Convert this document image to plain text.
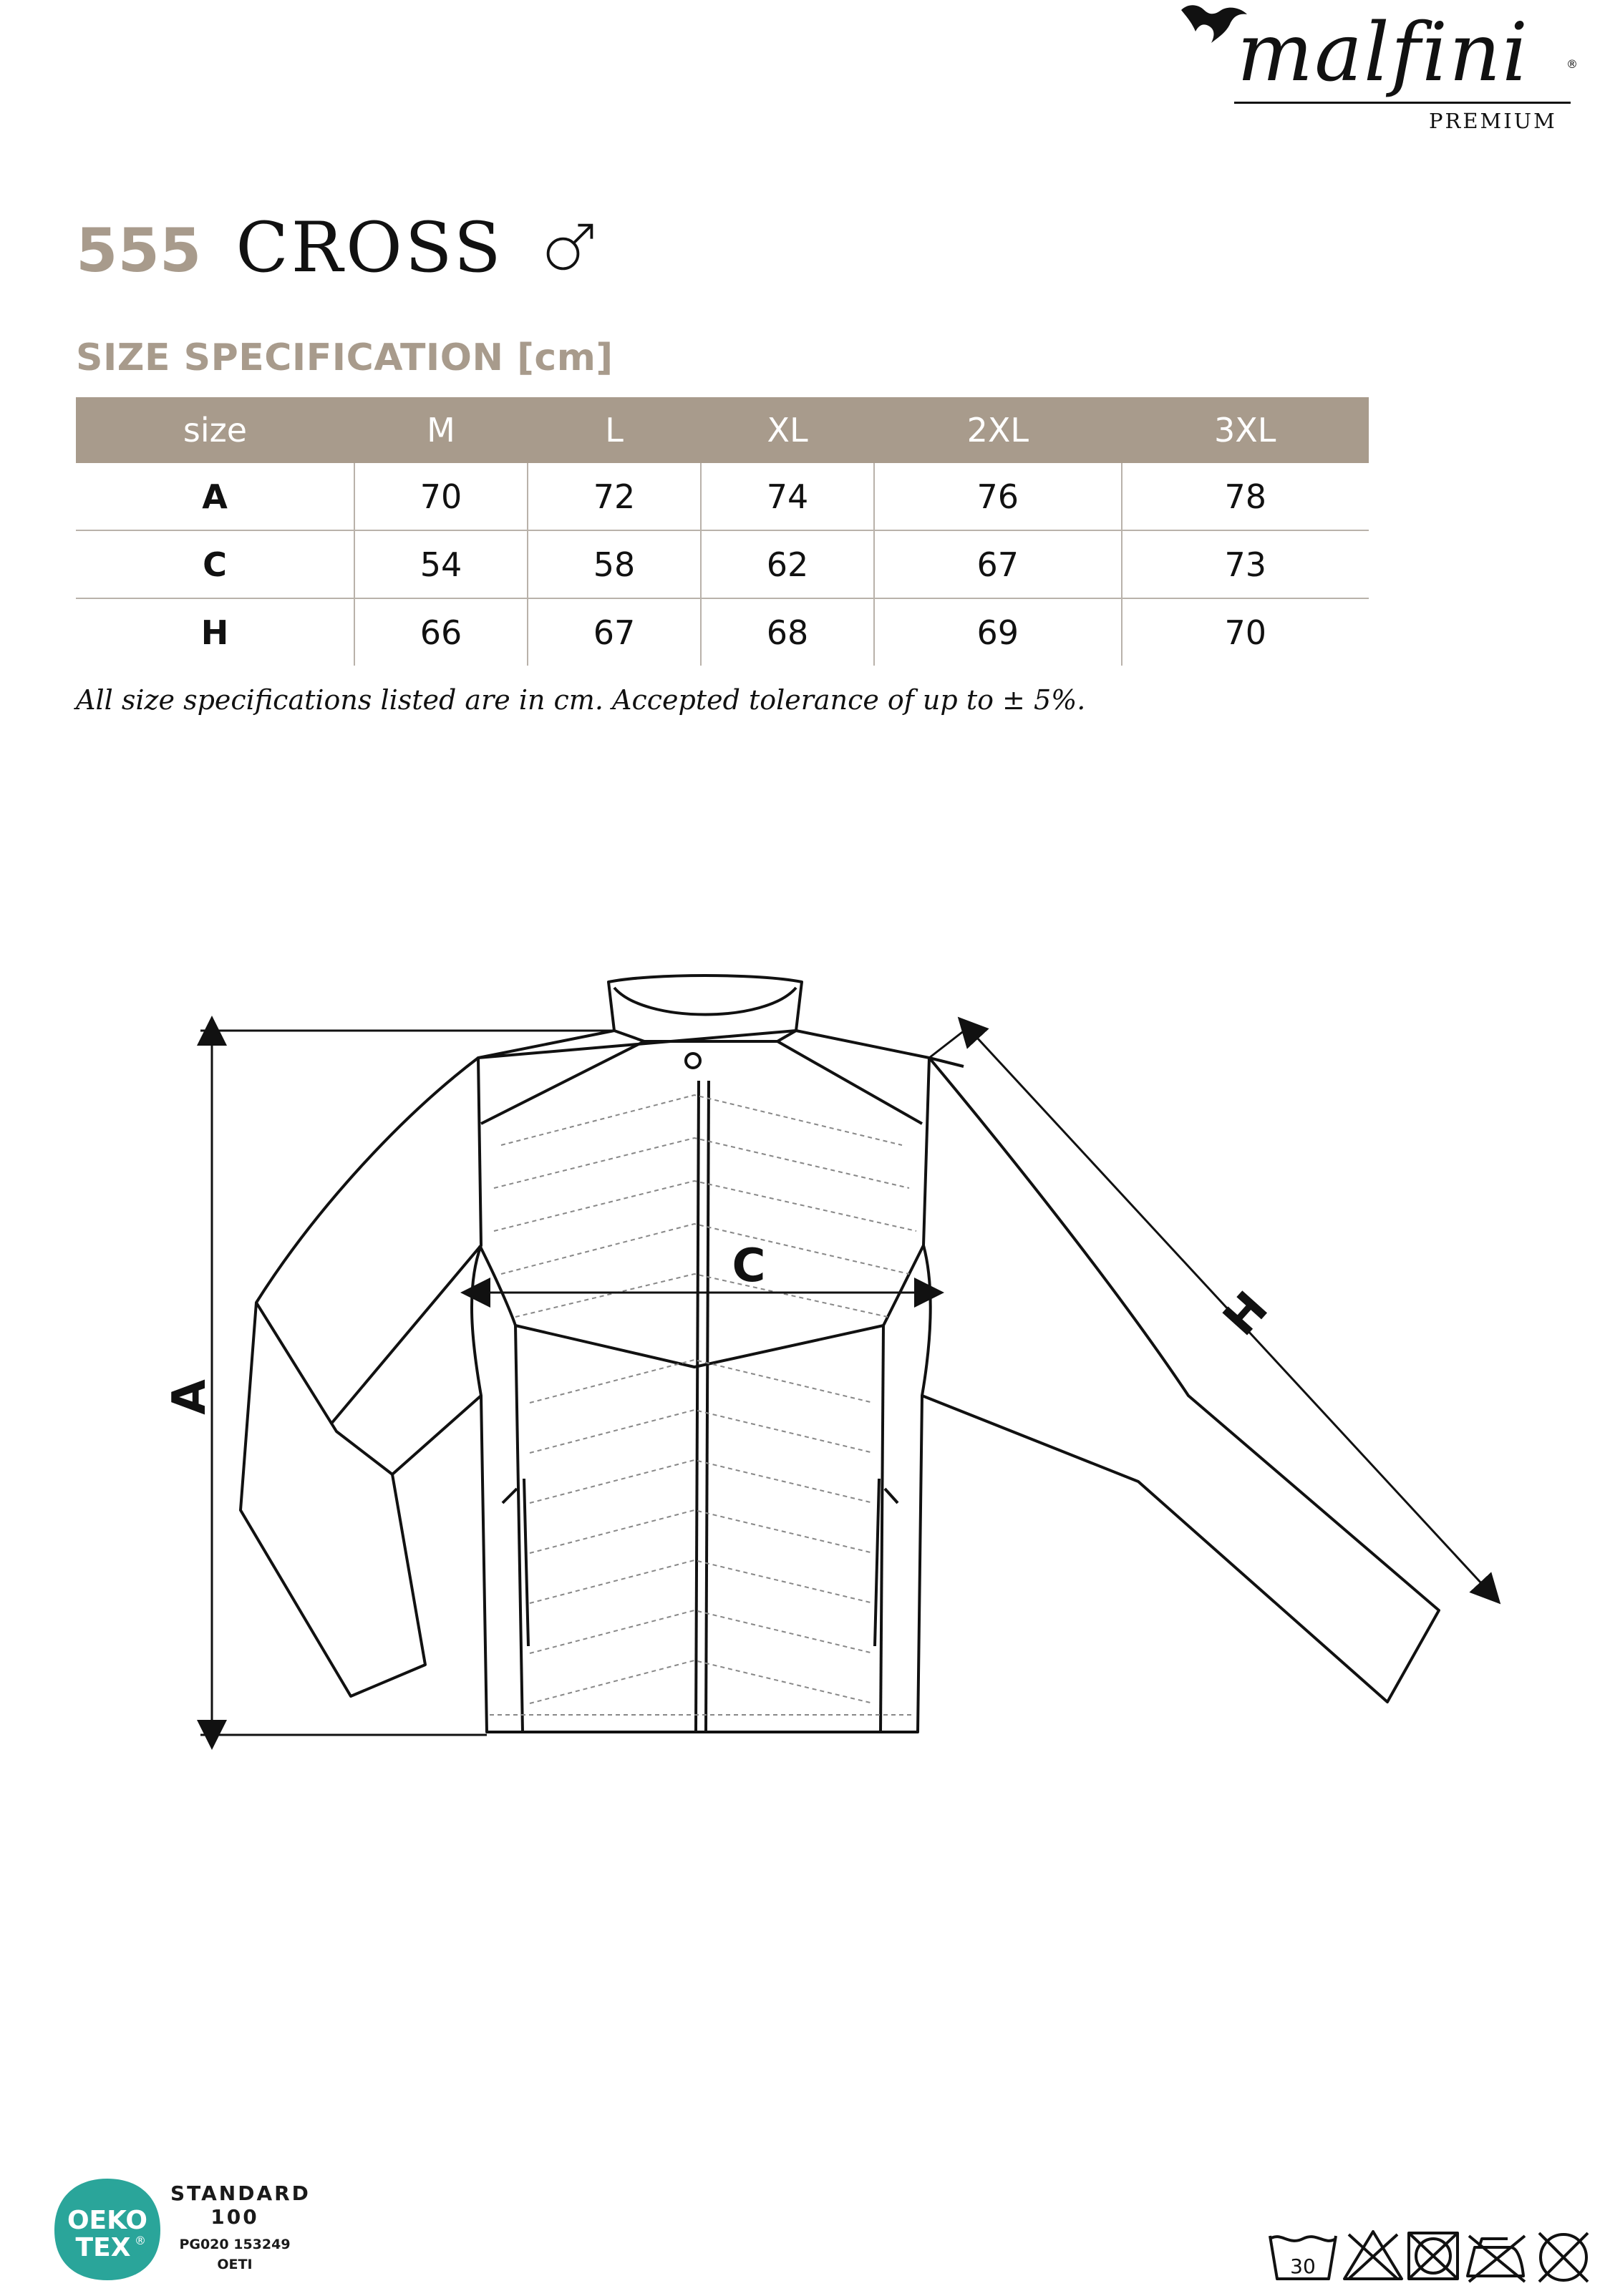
malfini	®
PREMIUM
555 CROSS
SIZE SPECIFICATION [cm]
size	M	L	XL	2XL	3XL
A	70	72	74	76	78
C	54	58	62	67	73
H	66	67	68	69	70
All size specifications listed are in cm. Accepted tolerance of up to ± 5%.
A
C
H
OEKO
TEX ®
STANDARD
100
PG020 153249
OETI	30
